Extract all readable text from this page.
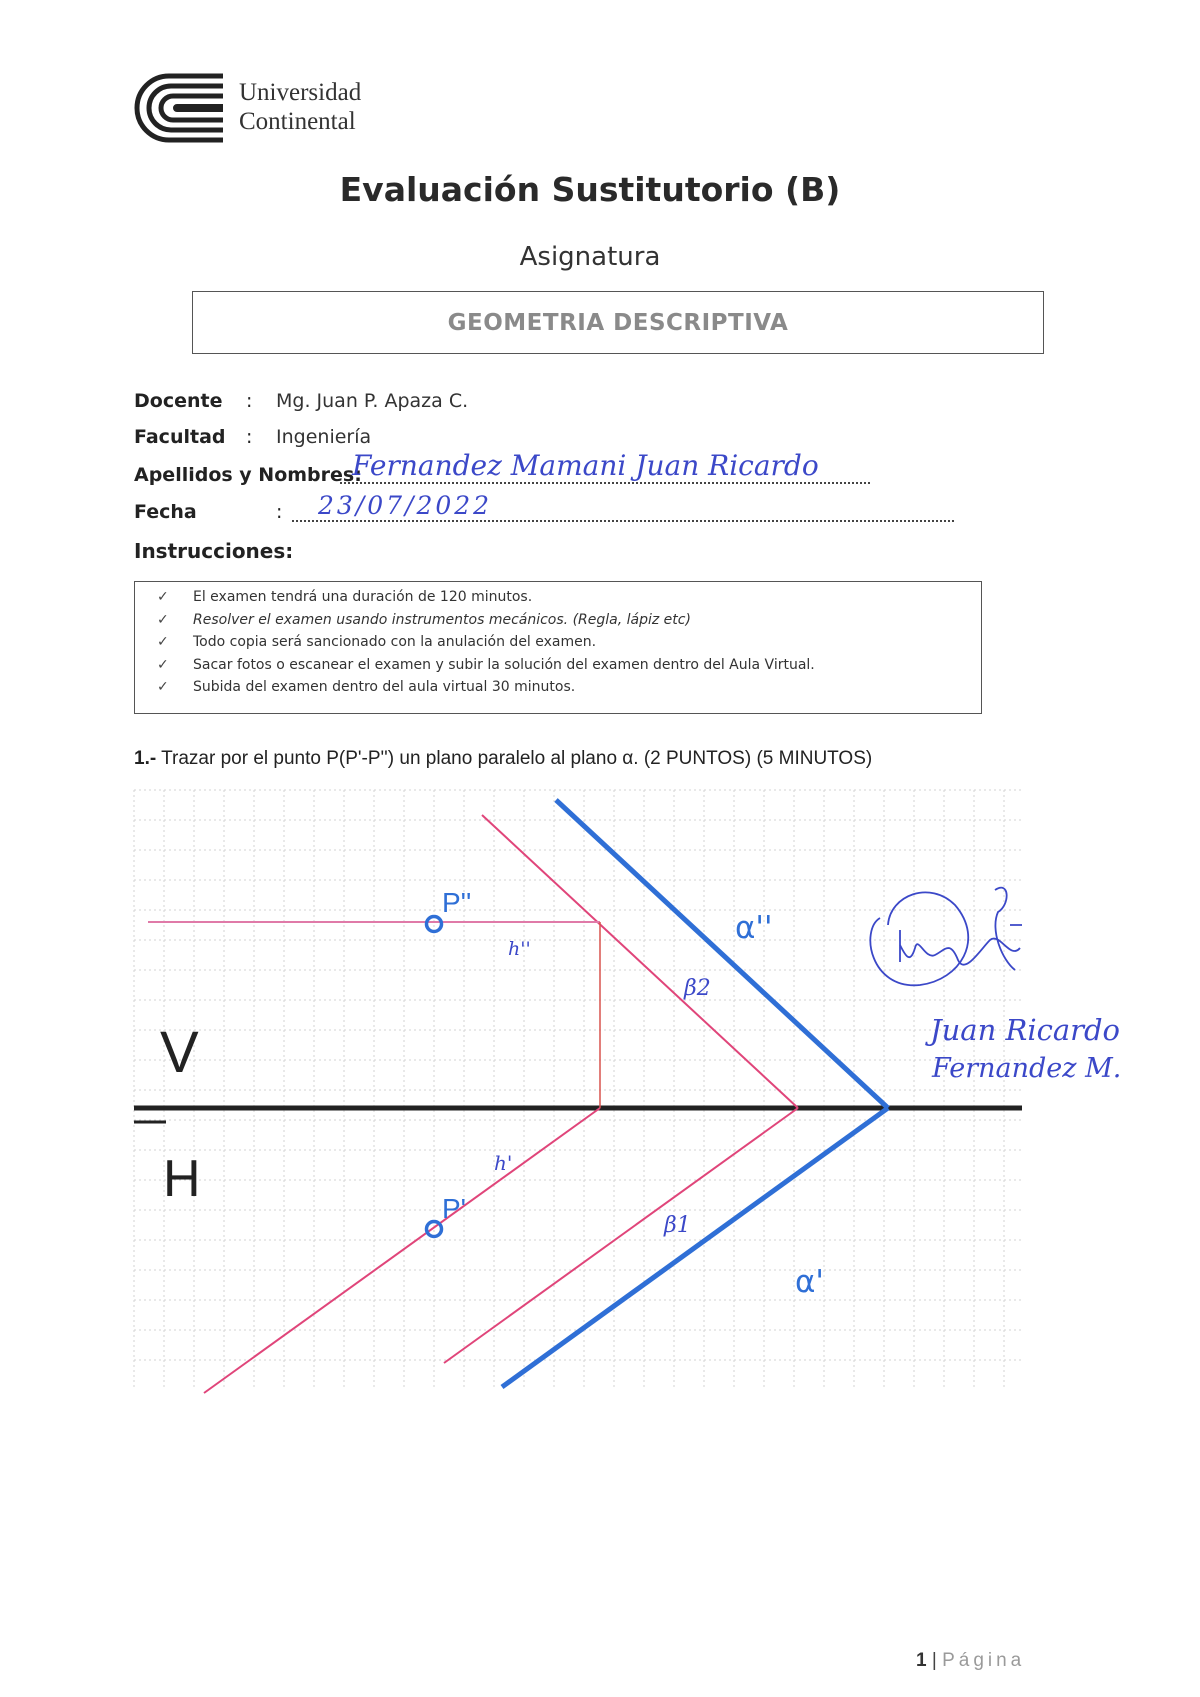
Universidad
Continental
Evaluación Sustitutorio (B)
Asignatura
GEOMETRIA DESCRIPTIVA
Docente : Mg. Juan P. Apaza C.
Facultad : Ingeniería
Apellidos y Nombres:
Fernandez Mamani Juan Ricardo
Fecha	: 23/07/2022
Instrucciones:
✓ El examen tendrá una duración de 120 minutos.
✓ Resolver el examen usando instrumentos mecánicos. (Regla, lápiz etc)
✓ Todo copia será sancionado con la anulación del examen.
✓ Sacar fotos o escanear el examen y subir la solución del examen dentro del Aula Virtual.
✓ Subida del examen dentro del aula virtual 30 minutos.
1.- Trazar por el punto P(P'-P'') un plano paralelo al plano α. (2 PUNTOS) (5 MINUTOS)
V
H
P''
P'
α''
α'
h''
h'
β2
β1
Juan Ricardo
Fernandez M.
1 | Página
